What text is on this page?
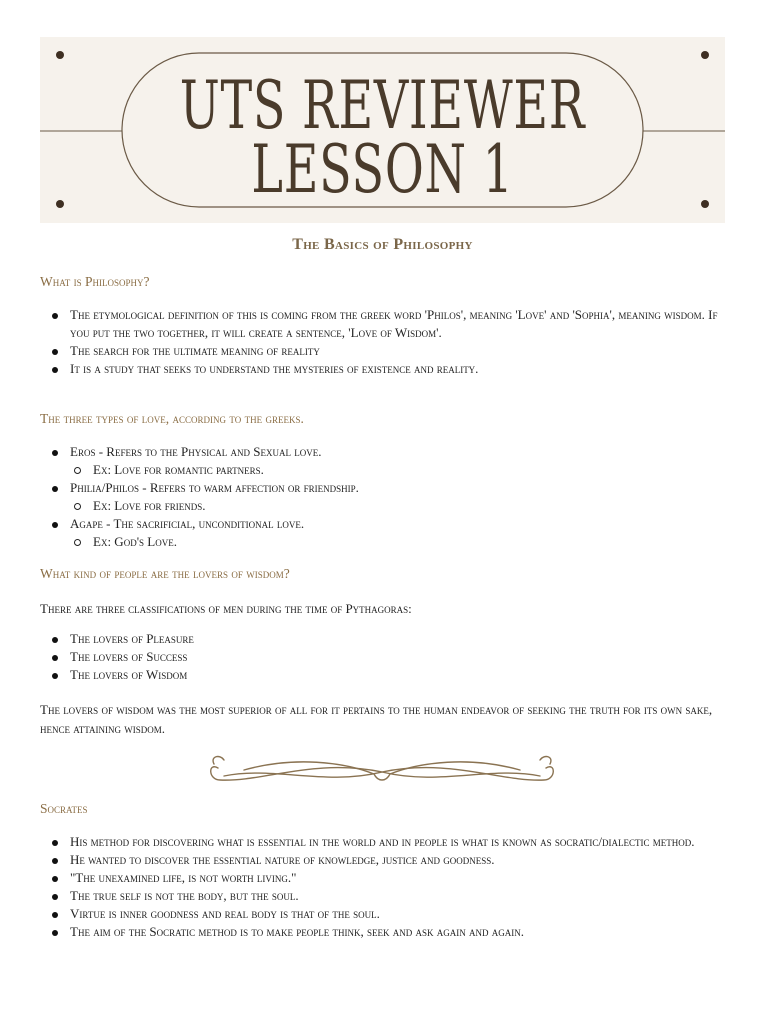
UTS REVIEWER
LESSON 1
The Basics of Philosophy
What is Philosophy?
The etymological definition of this is coming from the greek word 'Philos', meaning 'Love' and 'Sophia', meaning wisdom. If you put the two together, it will create a sentence, 'Love of Wisdom'.
The search for the ultimate meaning of reality
It is a study that seeks to understand the mysteries of existence and reality.
The three types of love, according to the greeks.
Eros - Refers to the Physical and Sexual love.
Ex: Love for romantic partners.
Philia/Philos - Refers to warm affection or friendship.
Ex: Love for friends.
Agape - The sacrificial, unconditional love.
Ex: God's Love.
What kind of people are the lovers of wisdom?
There are three classifications of men during the time of Pythagoras:
The lovers of Pleasure
The lovers of Success
The lovers of Wisdom
The lovers of wisdom was the most superior of all for it pertains to the human endeavor of seeking the truth for its own sake, hence attaining wisdom.
Socrates
His method for discovering what is essential in the world and in people is what is known as socratic/dialectic method.
He wanted to discover the essential nature of knowledge, justice and goodness.
"The unexamined life, is not worth living."
The true self is not the body, but the soul.
Virtue is inner goodness and real body is that of the soul.
The aim of the Socratic method is to make people think, seek and ask again and again.
